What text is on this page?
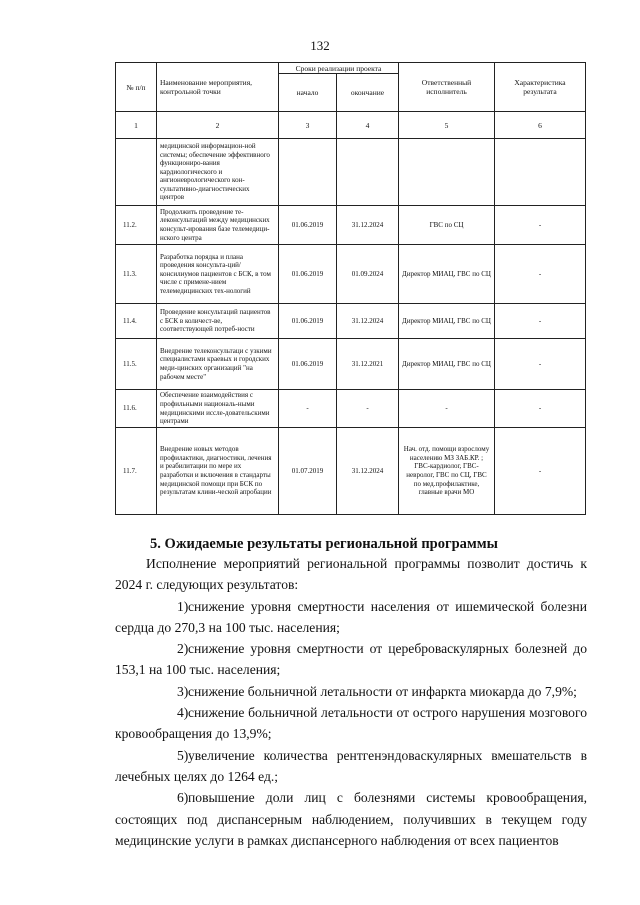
132
№ п/п	Наименование мероприятия, контрольной точки	Сроки реализации проекта		Ответственный исполнитель	Характеристика результата
		начало	окончание		
1	2	3	4	5	6
	медицинской информацион-ной системы; обеспечение эффективного функциониро-вания кардиологического и ангионеврологического кон-сультативно-диагностических центров				
11.2.	Продолжить проведение те-леконсультаций между медицинских консульт-ирования базе телемедици-нского центра	01.06.2019	31.12.2024	ГВС по СЦ	-
11.3.	Разработка порядка и плана проведения консульта-ций/консилиумов пациентов с БСК, в том числе с примене-нием телемедицинских тех-нологий	01.06.2019	01.09.2024	Директор МИАЦ, ГВС по СЦ	-
11.4.	Проведение консультаций пациентов с БСК в количест-ве, соответствующей потреб-ности	01.06.2019	31.12.2024	Директор МИАЦ, ГВС по СЦ	-
11.5.	Внедрение телеконсультаци с узкими специалистами краевых и городских меди-цинских организаций "на рабочем месте"	01.06.2019	31.12.2021	Директор МИАЦ, ГВС по СЦ	-
11.6.	Обеспечение взаимодействия с профильными националь-ными медицинскими иссле-довательскими центрами	-	-	-	-
11.7.	Внедрение новых методов профилактики, диагностики, лечения и реабилитации по мере их разработки и включения в стандарты медицинской помощи при БСК по результатам клини-ческой апробации	01.07.2019	31.12.2024	Нач. отд. помощи взрослому населению МЗ ЗАБ.КР. ; ГВС-кардиолог, ГВС-невролог, ГВС по СЦ, ГВС по мед.профилактике, главные врачи МО	-
5. Ожидаемые результаты региональной программы

Исполнение мероприятий региональной программы позволит достичь к 2024 г. следующих результатов:

1)снижение уровня смертности населения от ишемической болезни сердца до 270,3 на 100 тыс. населения;

2)снижение уровня смертности от цереброваскулярных болезней до 153,1 на 100 тыс. населения;

3)снижение больничной летальности от инфаркта миокарда до 7,9%;

4)снижение больничной летальности от острого нарушения мозгового кровообращения до 13,9%;

5)увеличение количества рентгенэндоваскулярных вмешательств в лечебных целях до 1264 ед.;

6)повышение доли лиц с болезнями системы кровообращения, состоящих под диспансерным наблюдением, получивших в текущем году медицинские услуги в рамках диспансерного наблюдения от всех пациентов
